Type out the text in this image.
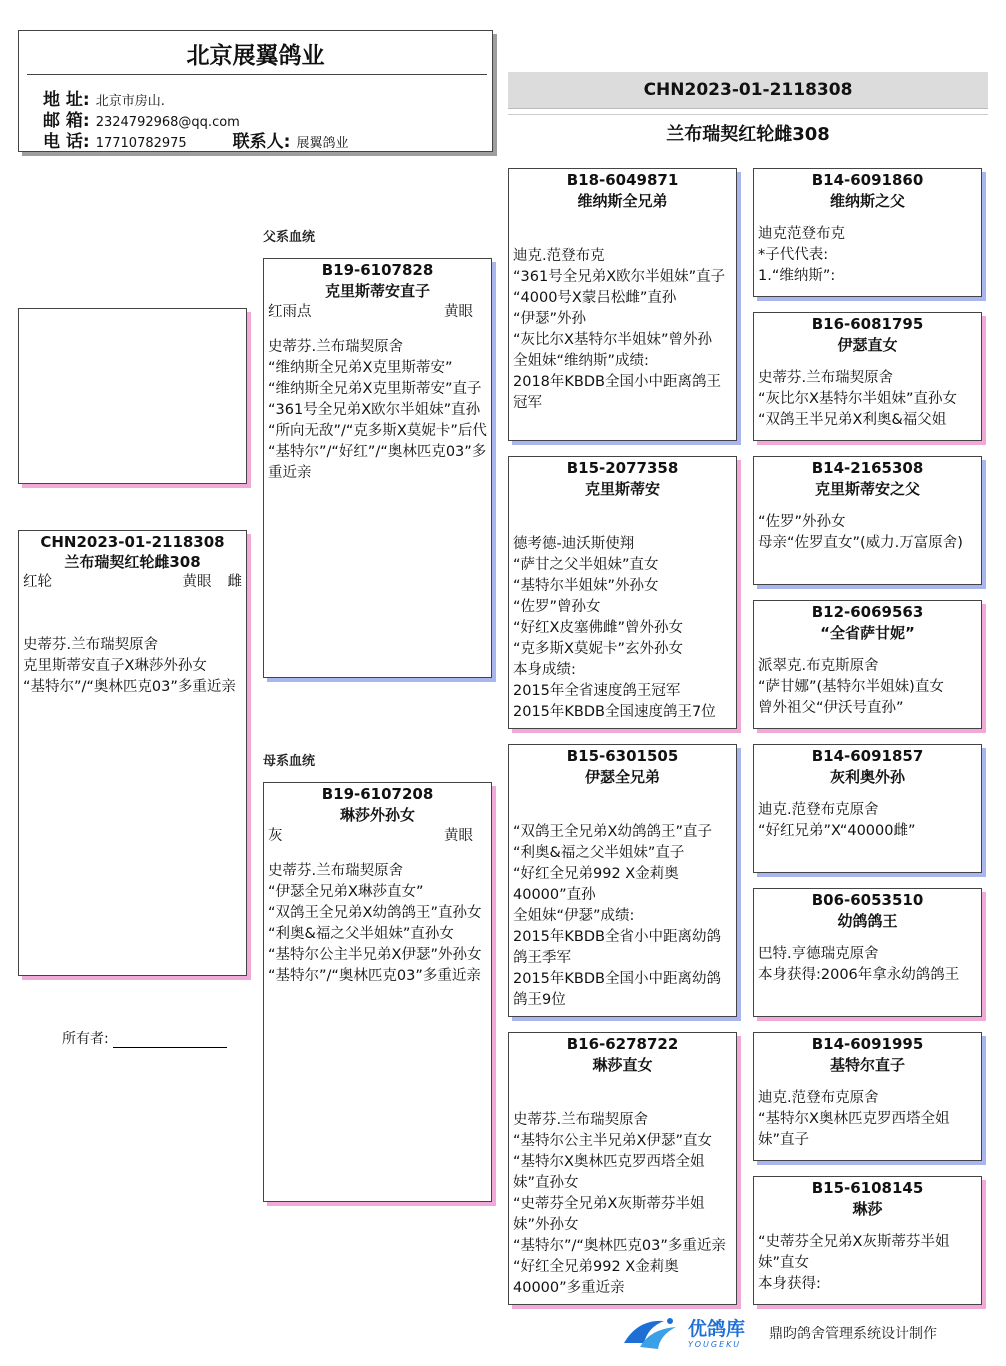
北京展翼鸽业
地 址: 北京市房山.
邮 箱: 2324792968@qq.com
电 话: 17710782975	联系人: 展翼鸽业
CHN2023-01-2118308
兰布瑞契红轮雌308
CHN2023-01-2118308
兰布瑞契红轮雌308
红轮	黄眼 雌
史蒂芬.兰布瑞契原舍
克里斯蒂安直子X琳莎外孙女
“基特尔”/“奥林匹克03”多重近亲
所有者:
父系血统
母系血统
B19-6107828
克里斯蒂安直子
红雨点	黄眼
史蒂芬.兰布瑞契原舍
“维纳斯全兄弟X克里斯蒂安”
“维纳斯全兄弟X克里斯蒂安”直子
“361号全兄弟X欧尔半姐妹”直孙
“所向无敌”/“克多斯X莫妮卡”后代
“基特尔”/“好红”/“奥林匹克03”多重近亲
B19-6107208
琳莎外孙女
灰	黄眼
史蒂芬.兰布瑞契原舍
“伊瑟全兄弟X琳莎直女”
“双鸽王全兄弟X幼鸽鸽王”直孙女
“利奥&福之父半姐妹”直孙女
“基特尔公主半兄弟X伊瑟”外孙女
“基特尔”/“奥林匹克03”多重近亲
B18-6049871
维纳斯全兄弟
迪克.范登布克
“361号全兄弟X欧尔半姐妹”直子
“4000号X蒙吕松雌”直孙
“伊瑟”外孙
“灰比尔X基特尔半姐妹”曾外孙
全姐妹“维纳斯”成绩:
2018年KBDB全国小中距离鸽王冠军
B15-2077358
克里斯蒂安
德考德-迪沃斯使翔
“萨甘之父半姐妹”直女
“基特尔半姐妹”外孙女
“佐罗”曾孙女
“好红X皮塞佛雌”曾外孙女
“克多斯X莫妮卡”玄外孙女
本身成绩:
2015年全省速度鸽王冠军
2015年KBDB全国速度鸽王7位
B15-6301505
伊瑟全兄弟
“双鸽王全兄弟X幼鸽鸽王”直子
“利奥&福之父半姐妹”直子
“好红全兄弟992 X金莉奥40000”直孙
全姐妹“伊瑟”成绩:
2015年KBDB全省小中距离幼鸽鸽王季军
2015年KBDB全国小中距离幼鸽鸽王9位
B16-6278722
琳莎直女
史蒂芬.兰布瑞契原舍
“基特尔公主半兄弟X伊瑟”直女
“基特尔X奥林匹克罗西塔全姐妹”直孙女
“史蒂芬全兄弟X灰斯蒂芬半姐妹”外孙女
“基特尔”/“奥林匹克03”多重近亲
“好红全兄弟992 X金莉奥40000”多重近亲
B14-6091860
维纳斯之父
迪克范登布克
*子代代表:
1.“维纳斯”:
B16-6081795
伊瑟直女
史蒂芬.兰布瑞契原舍
“灰比尔X基特尔半姐妹”直孙女
“双鸽王半兄弟X利奥&福父姐
B14-2165308
克里斯蒂安之父
“佐罗”外孙女
母亲“佐罗直女”(威力.万富原舍)
B12-6069563
“全省萨甘妮”
派翠克.布克斯原舍
“萨甘娜”(基特尔半姐妹)直女
曾外祖父“伊沃号直孙”
B14-6091857
灰利奥外孙
迪克.范登布克原舍
“好红兄弟”X“40000雌”
B06-6053510
幼鸽鸽王
巴特.亨德瑞克原舍
本身获得:2006年拿永幼鸽鸽王
B14-6091995
基特尔直子
迪克.范登布克原舍
“基特尔X奥林匹克罗西塔全姐妹”直子
B15-6108145
琳莎
“史蒂芬全兄弟X灰斯蒂芬半姐妹”直女
本身获得:
优鸽库
YOUGEKU
鼎昀鸽舍管理系统设计制作
